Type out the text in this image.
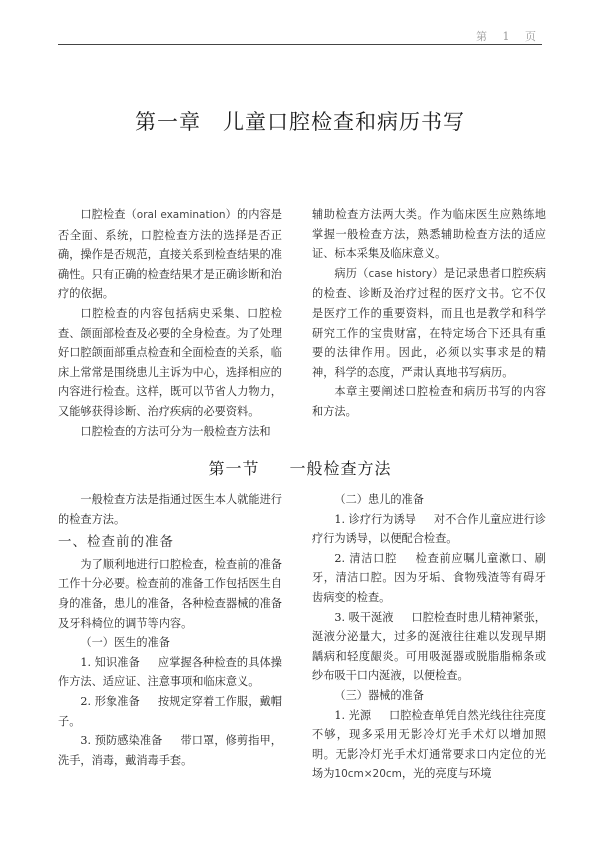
第 1 页
第一章 儿童口腔检查和病历书写

口腔检查（oral examination）的内容是否全面、系统，口腔检查方法的选择是否正确，操作是否规范，直接关系到检查结果的准确性。只有正确的检查结果才是正确诊断和治疗的依据。

口腔检查的内容包括病史采集、口腔检查、颌面部检查及必要的全身检查。为了处理好口腔颌面部重点检查和全面检查的关系，临床上常常是围绕患儿主诉为中心，选择相应的内容进行检查。这样，既可以节省人力物力，又能够获得诊断、治疗疾病的必要资料。

口腔检查的方法可分为一般检查方法和

辅助检查方法两大类。作为临床医生应熟练地掌握一般检查方法，熟悉辅助检查方法的适应证、标本采集及临床意义。

病历（case history）是记录患者口腔疾病的检查、诊断及治疗过程的医疗文书。它不仅是医疗工作的重要资料，而且也是教学和科学研究工作的宝贵财富，在特定场合下还具有重要的法律作用。因此，必须以实事求是的精神，科学的态度，严肃认真地书写病历。

本章主要阐述口腔检查和病历书写的内容和方法。

第一节 一般检查方法

一般检查方法是指通过医生本人就能进行的检查方法。

一、检查前的准备

为了顺利地进行口腔检查，检查前的准备工作十分必要。检查前的准备工作包括医生自身的准备，患儿的准备，各种检查器械的准备及牙科椅位的调节等内容。

（一）医生的准备

1. 知识准备 应掌握各种检查的具体操作方法、适应证、注意事项和临床意义。

2. 形象准备 按规定穿着工作服，戴帽子。

3. 预防感染准备 带口罩，修剪指甲，洗手，消毒，戴消毒手套。

（二）患儿的准备

1. 诊疗行为诱导 对不合作儿童应进行诊疗行为诱导，以便配合检查。

2. 清洁口腔 检查前应嘱儿童漱口、刷牙，清洁口腔。因为牙垢、食物残渣等有碍牙齿病变的检查。

3. 吸干涎液 口腔检查时患儿精神紧张，涎液分泌量大，过多的涎液往往难以发现早期龋病和轻度龈炎。可用吸涎器或脱脂脂棉条或纱布吸干口内涎液，以便检查。

（三）器械的准备

1. 光源 口腔检查单凭自然光线往往亮度不够，现多采用无影冷灯光手术灯以增加照明。无影冷灯光手术灯通常要求口内定位的光场为10cm×20cm，光的亮度与环境
